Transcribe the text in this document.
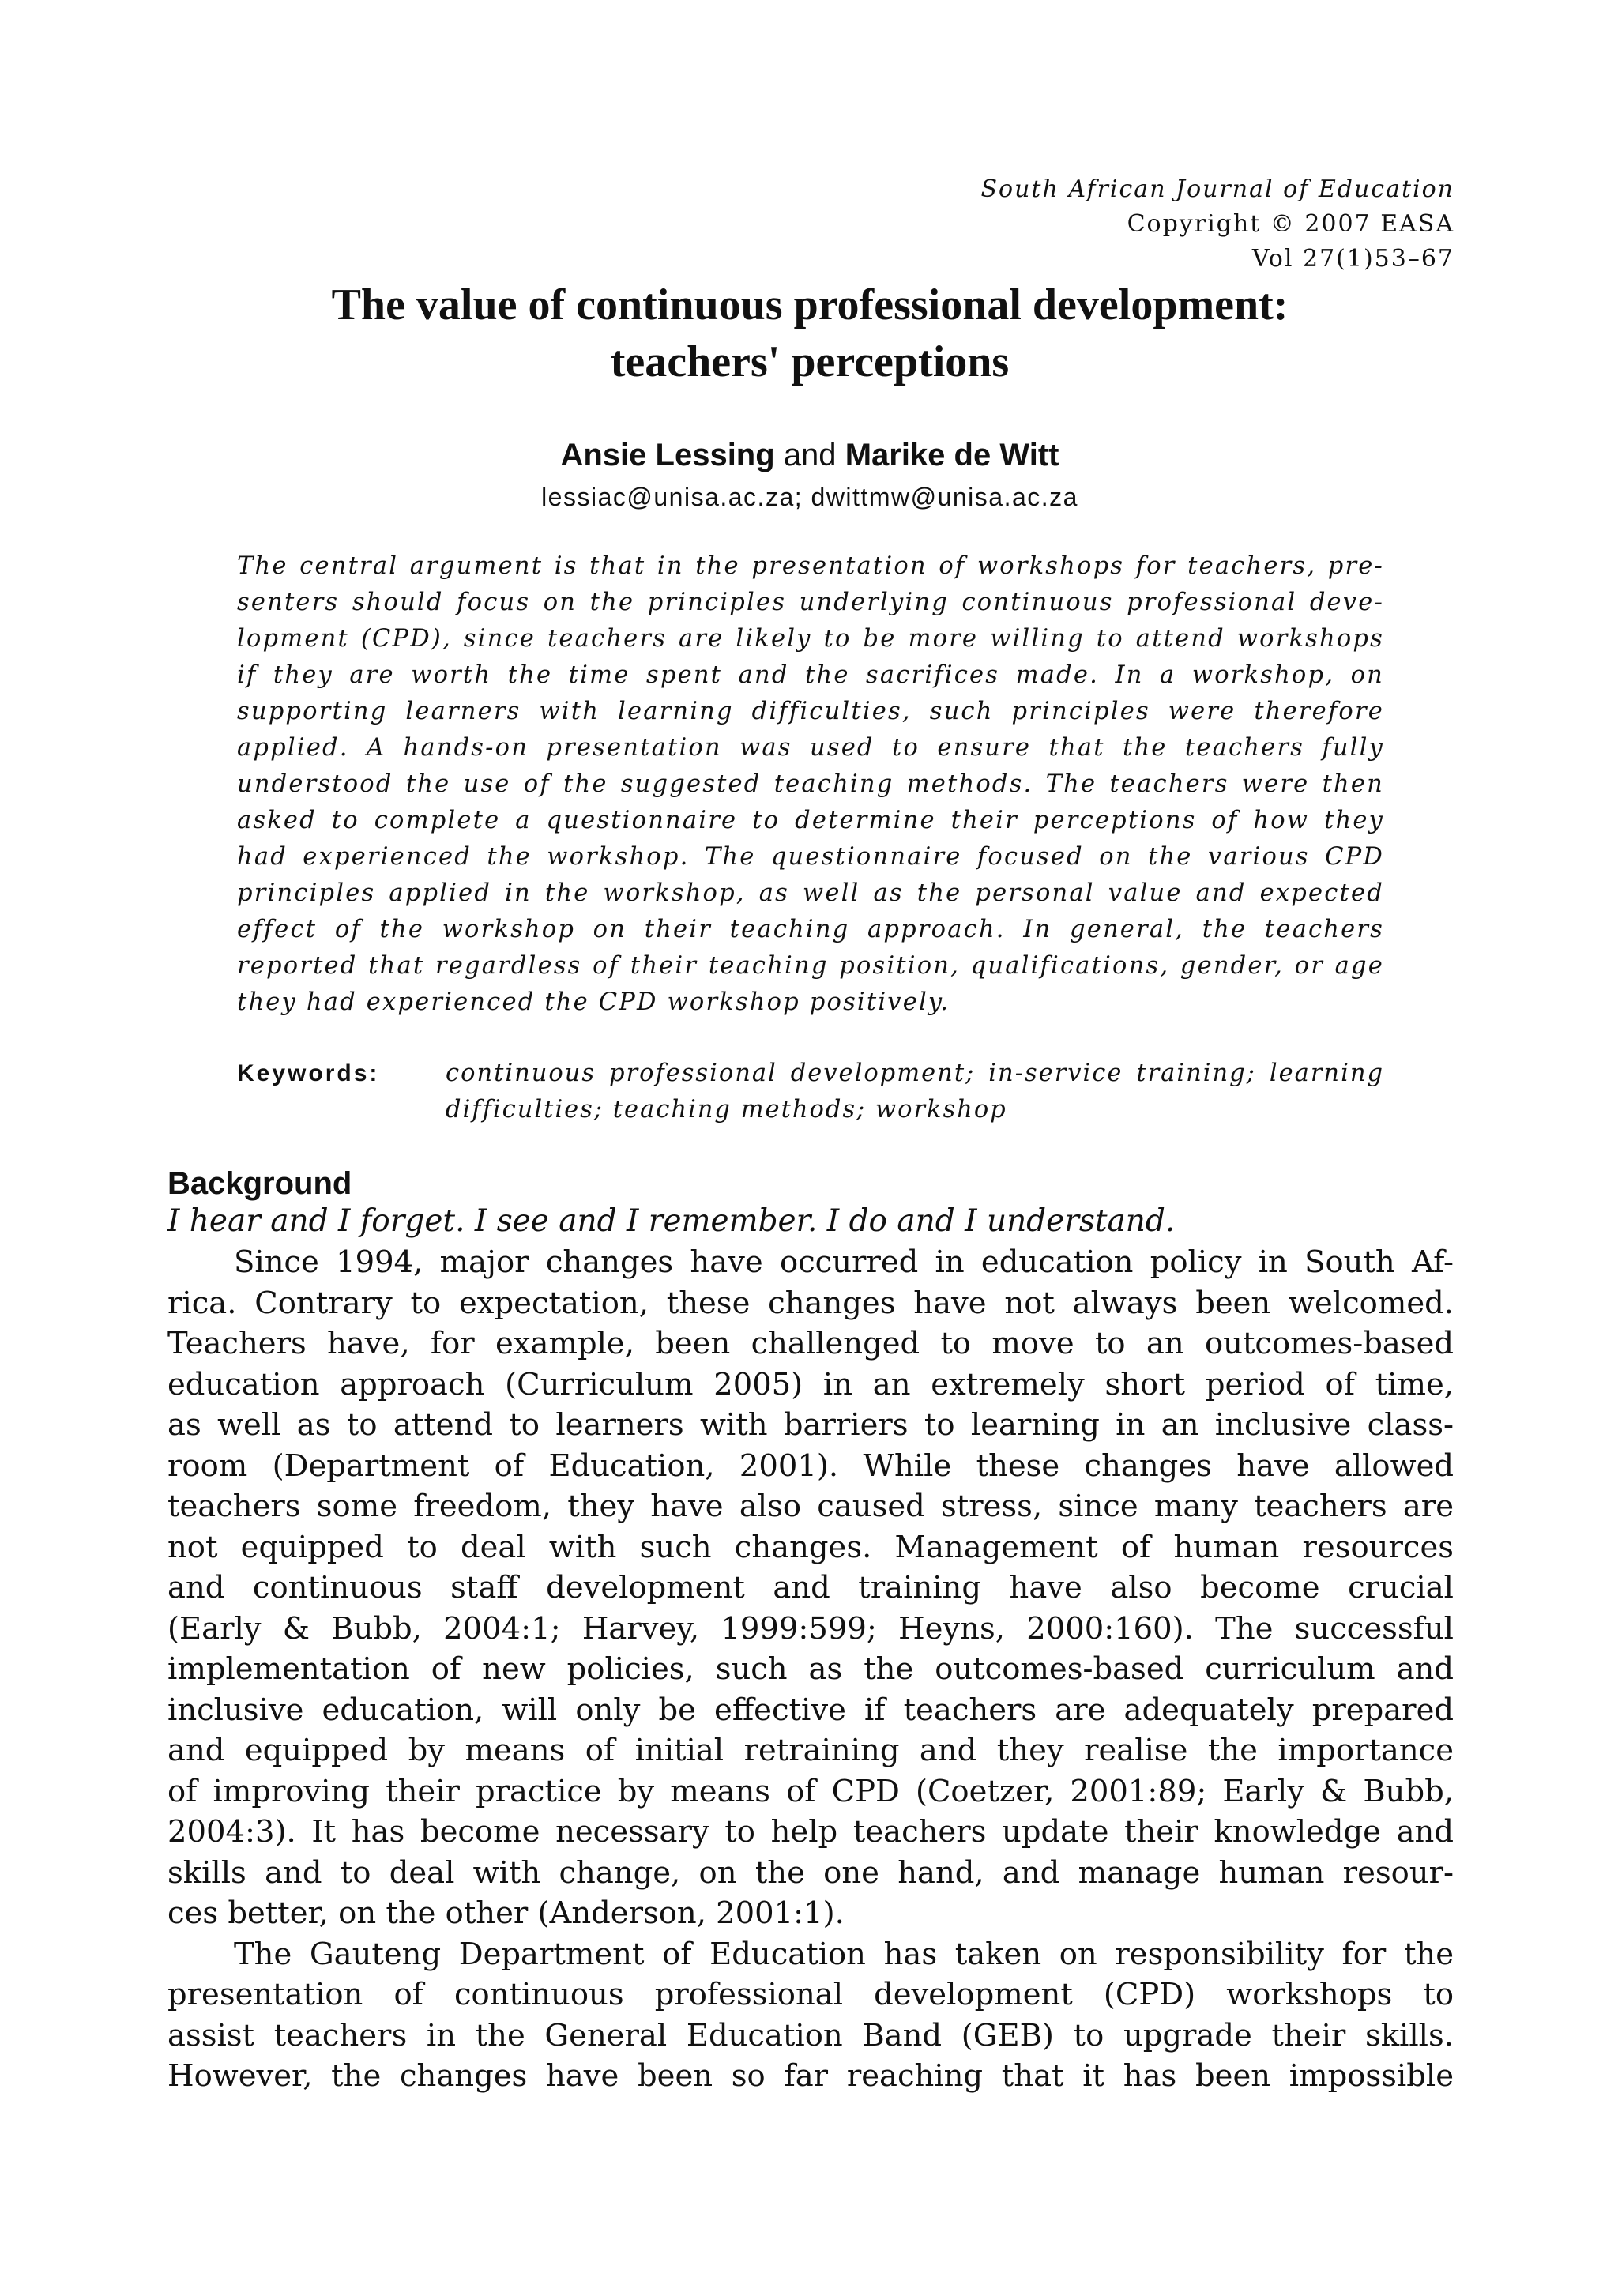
South African Journal of Education
Copyright © 2007 EASA
Vol 27(1)53–67
The value of continuous professional development:
teachers' perceptions
Ansie Lessing and Marike de Witt
lessiac@unisa.ac.za; dwittmw@unisa.ac.za
The central argument is that in the presentation of workshops for teachers, pre-
senters should focus on the principles underlying continuous professional deve-
lopment (CPD), since teachers are likely to be more willing to attend workshops
if they are worth the time spent and the sacrifices made. In a workshop, on
supporting learners with learning difficulties, such principles were therefore
applied. A hands-on presentation was used to ensure that the teachers fully
understood the use of the suggested teaching methods. The teachers were then
asked to complete a questionnaire to determine their perceptions of how they
had experienced the workshop. The questionnaire focused on the various CPD
principles applied in the workshop, as well as the personal value and expected
effect of the workshop on their teaching approach. In general, the teachers
reported that regardless of their teaching position, qualifications, gender, or age
they had experienced the CPD workshop positively.
Keywords:	continuous professional development; in-service training; learning
difficulties; teaching methods; workshop
Background
I hear and I forget. I see and I remember. I do and I understand.
Since 1994, major changes have occurred in education policy in South Af-
rica. Contrary to expectation, these changes have not always been welcomed.
Teachers have, for example, been challenged to move to an outcomes-based
education approach (Curriculum 2005) in an extremely short period of time,
as well as to attend to learners with barriers to learning in an inclusive class-
room (Department of Education, 2001). While these changes have allowed
teachers some freedom, they have also caused stress, since many teachers are
not equipped to deal with such changes. Management of human resources
and continuous staff development and training have also become crucial
(Early & Bubb, 2004:1; Harvey, 1999:599; Heyns, 2000:160). The successful
implementation of new policies, such as the outcomes-based curriculum and
inclusive education, will only be effective if teachers are adequately prepared
and equipped by means of initial retraining and they realise the importance
of improving their practice by means of CPD (Coetzer, 2001:89; Early & Bubb,
2004:3). It has become necessary to help teachers update their knowledge and
skills and to deal with change, on the one hand, and manage human resour-
ces better, on the other (Anderson, 2001:1).
The Gauteng Department of Education has taken on responsibility for the
presentation of continuous professional development (CPD) workshops to
assist teachers in the General Education Band (GEB) to upgrade their skills.
However, the changes have been so far reaching that it has been impossible
